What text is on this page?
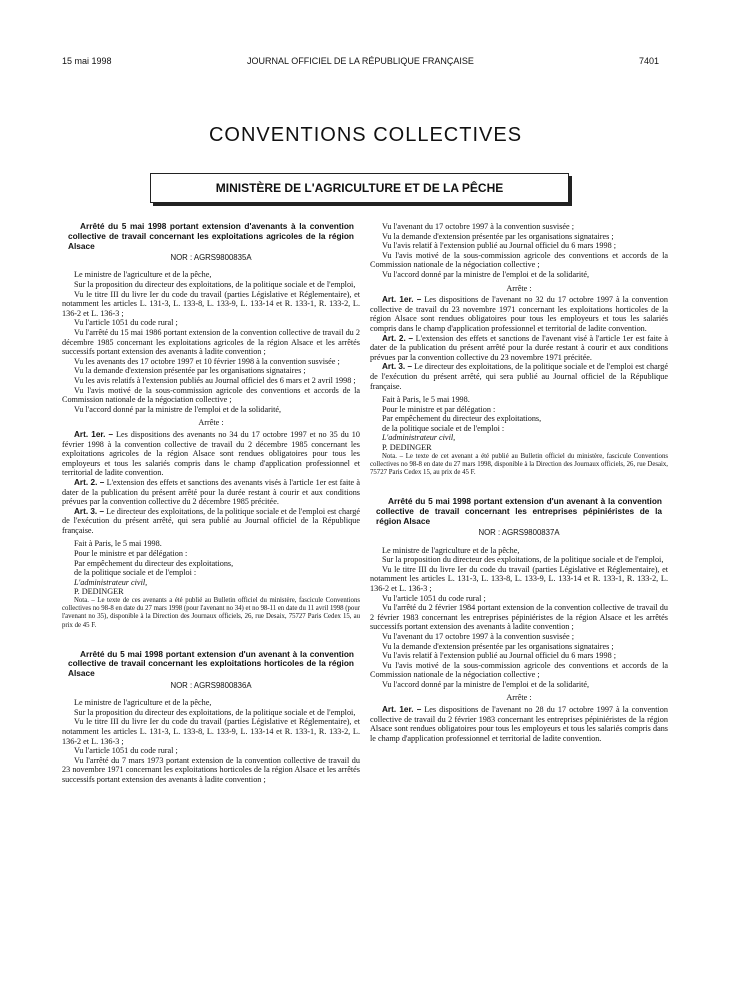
15 mai 1998	JOURNAL OFFICIEL DE LA RÉPUBLIQUE FRANÇAISE	7401
CONVENTIONS COLLECTIVES
MINISTÈRE DE L'AGRICULTURE ET DE LA PÊCHE

Arrêté du 5 mai 1998 portant extension d'avenants à la convention collective de travail concernant les exploitations agricoles de la région Alsace

NOR : AGRS9800835A

Le ministre de l'agriculture et de la pêche,

Sur la proposition du directeur des exploitations, de la politique sociale et de l'emploi,

Vu le titre III du livre Ier du code du travail (parties Législative et Réglementaire), et notamment les articles L. 131-3, L. 133-8, L. 133-9, L. 133-14 et R. 133-1, R. 133-2, L. 136-2 et L. 136-3 ;

Vu l'article 1051 du code rural ;

Vu l'arrêté du 15 mai 1986 portant extension de la convention collective de travail du 2 décembre 1985 concernant les exploitations agricoles de la région Alsace et les arrêtés successifs portant extension des avenants à ladite convention ;

Vu les avenants des 17 octobre 1997 et 10 février 1998 à la convention susvisée ;

Vu la demande d'extension présentée par les organisations signataires ;

Vu les avis relatifs à l'extension publiés au Journal officiel des 6 mars et 2 avril 1998 ;

Vu l'avis motivé de la sous-commission agricole des conventions et accords de la Commission nationale de la négociation collective ;

Vu l'accord donné par la ministre de l'emploi et de la solidarité,

Arrête :

Art. 1er. – Les dispositions des avenants no 34 du 17 octobre 1997 et no 35 du 10 février 1998 à la convention collective de travail du 2 décembre 1985 concernant les exploitations agricoles de la région Alsace sont rendues obligatoires pour tous les employeurs et tous les salariés compris dans le champ d'application professionnel et territorial de ladite convention.

Art. 2. – L'extension des effets et sanctions des avenants visés à l'article 1er est faite à dater de la publication du présent arrêté pour la durée restant à courir et aux conditions prévues par la convention collective du 2 décembre 1985 précitée.

Art. 3. – Le directeur des exploitations, de la politique sociale et de l'emploi est chargé de l'exécution du présent arrêté, qui sera publié au Journal officiel de la République française.

Fait à Paris, le 5 mai 1998.

Pour le ministre et par délégation :

Par empêchement du directeur des exploitations,

de la politique sociale et de l'emploi :

L'administrateur civil,

P. DEDINGER

Nota. – Le texte de ces avenants a été publié au Bulletin officiel du ministère, fascicule Conventions collectives no 98-8 en date du 27 mars 1998 (pour l'avenant no 34) et no 98-11 en date du 11 avril 1998 (pour l'avenant no 35), disponible à la Direction des Journaux officiels, 26, rue Desaix, 75727 Paris Cedex 15, au prix de 45 F.

Arrêté du 5 mai 1998 portant extension d'un avenant à la convention collective de travail concernant les exploitations horticoles de la région Alsace

NOR : AGRS9800836A

Le ministre de l'agriculture et de la pêche,

Sur la proposition du directeur des exploitations, de la politique sociale et de l'emploi,

Vu le titre III du livre Ier du code du travail (parties Législative et Réglementaire), et notamment les articles L. 131-3, L. 133-8, L. 133-9, L. 133-14 et R. 133-1, R. 133-2, L. 136-2 et L. 136-3 ;

Vu l'article 1051 du code rural ;

Vu l'arrêté du 7 mars 1973 portant extension de la convention collective de travail du 23 novembre 1971 concernant les exploitations horticoles de la région Alsace et les arrêtés successifs portant extension des avenants à ladite convention ;

Vu l'avenant du 17 octobre 1997 à la convention susvisée ;

Vu la demande d'extension présentée par les organisations signataires ;

Vu l'avis relatif à l'extension publié au Journal officiel du 6 mars 1998 ;

Vu l'avis motivé de la sous-commission agricole des conventions et accords de la Commission nationale de la négociation collective ;

Vu l'accord donné par la ministre de l'emploi et de la solidarité,

Arrête :

Art. 1er. – Les dispositions de l'avenant no 32 du 17 octobre 1997 à la convention collective de travail du 23 novembre 1971 concernant les exploitations horticoles de la région Alsace sont rendues obligatoires pour tous les employeurs et tous les salariés compris dans le champ d'application professionnel et territorial de ladite convention.

Art. 2. – L'extension des effets et sanctions de l'avenant visé à l'article 1er est faite à dater de la publication du présent arrêté pour la durée restant à courir et aux conditions prévues par la convention collective du 23 novembre 1971 précitée.

Art. 3. – Le directeur des exploitations, de la politique sociale et de l'emploi est chargé de l'exécution du présent arrêté, qui sera publié au Journal officiel de la République française.

Fait à Paris, le 5 mai 1998.

Pour le ministre et par délégation :

Par empêchement du directeur des exploitations,

de la politique sociale et de l'emploi :

L'administrateur civil,

P. DEDINGER

Nota. – Le texte de cet avenant a été publié au Bulletin officiel du ministère, fascicule Conventions collectives no 98-8 en date du 27 mars 1998, disponible à la Direction des Journaux officiels, 26, rue Desaix, 75727 Paris Cedex 15, au prix de 45 F.

Arrêté du 5 mai 1998 portant extension d'un avenant à la convention collective de travail concernant les entreprises pépiniéristes de la région Alsace

NOR : AGRS9800837A

Le ministre de l'agriculture et de la pêche,

Sur la proposition du directeur des exploitations, de la politique sociale et de l'emploi,

Vu le titre III du livre Ier du code du travail (parties Législative et Réglementaire), et notamment les articles L. 131-3, L. 133-8, L. 133-9, L. 133-14 et R. 133-1, R. 133-2, L. 136-2 et L. 136-3 ;

Vu l'article 1051 du code rural ;

Vu l'arrêté du 2 février 1984 portant extension de la convention collective de travail du 2 février 1983 concernant les entreprises pépiniéristes de la région Alsace et les arrêtés successifs portant extension des avenants à ladite convention ;

Vu l'avenant du 17 octobre 1997 à la convention susvisée ;

Vu la demande d'extension présentée par les organisations signataires ;

Vu l'avis relatif à l'extension publié au Journal officiel du 6 mars 1998 ;

Vu l'avis motivé de la sous-commission agricole des conventions et accords de la Commission nationale de la négociation collective ;

Vu l'accord donné par la ministre de l'emploi et de la solidarité,

Arrête :

Art. 1er. – Les dispositions de l'avenant no 28 du 17 octobre 1997 à la convention collective de travail du 2 février 1983 concernant les entreprises pépiniéristes de la région Alsace sont rendues obligatoires pour tous les employeurs et tous les salariés compris dans le champ d'application professionnel et territorial de ladite convention.
